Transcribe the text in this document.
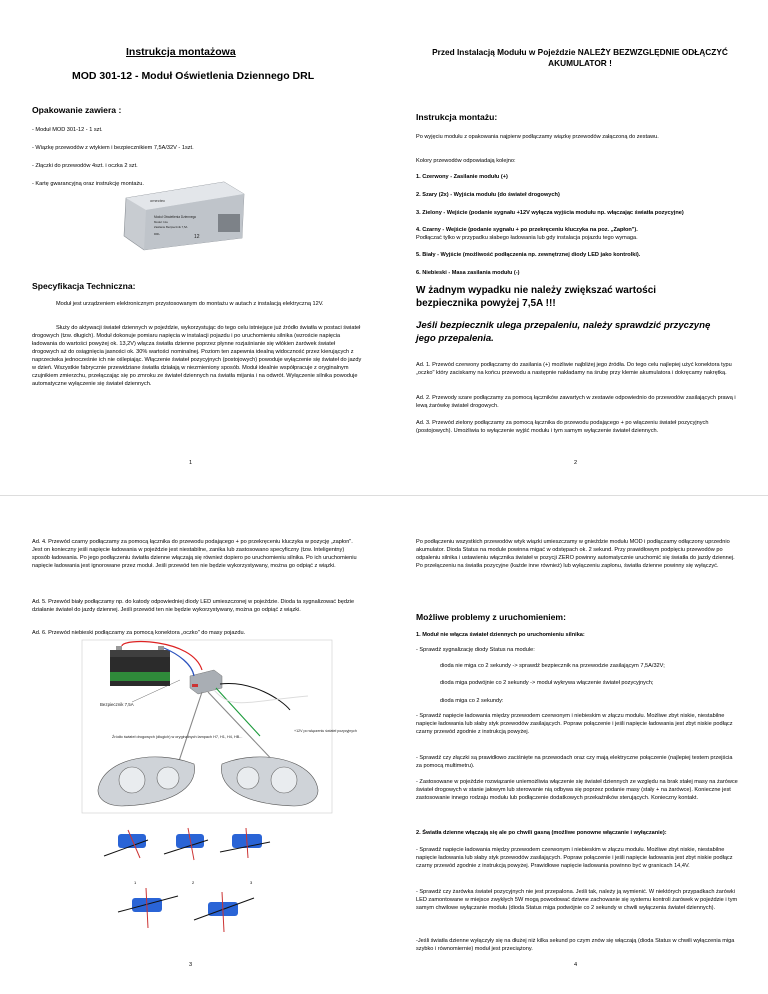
Instrukcja montażowa
MOD 301-12 - Moduł Oświetlenia Dziennego DRL
Opakowanie zawiera :

- Moduł MOD 301-12 - 1 szt.

- Wiązkę przewodów z wtykiem i bezpiecznikiem 7,5A/32V - 1szt.

- Złączki do przewodów 4szt. i oczka 2 szt.

- Kartę gwarancyjną oraz instrukcję montażu.

omectec
Moduł Oświetlenia Dziennego
Model: 11a
Zasilanie Bezpiecznik 7,5A
DRL	12
Specyfikacja Techniczna:

Moduł jest urządzeniem elektronicznym przystosowanym do montażu w autach z instalacją elektryczną 12V.

Służy do aktywacji świateł dziennych w pojeździe, wykorzystując do tego celu istniejące już źródło światła w postaci świateł drogowych (tzw. długich). Moduł dokonuje pomiaru napięcia w instalacji pojazdu i po uruchomieniu silnika (wzroście napięcia ładowania do wartości powyżej ok. 13,2V) włącza światła dzienne poprzez płynne rozjaśnianie się włókien żarówek świateł drogowych aż do osiągnięcia jasności ok. 30% wartości nominalnej. Poziom ten zapewnia idealną widoczność przez kierujących z naprzeciwka jednocześnie ich nie oślepiając. Włączenie świateł pozycyjnych (postojowych) powoduje wyłączenie się świateł do jazdy w dzień. Wszystkie fabrycznie przewidziane światła działają w niezmieniony sposób. Moduł idealnie współpracuje z oryginalnym czujnikiem zmierzchu, przełączając się po zmroku ze świateł dziennych na światła mijania i na odwrót. Wyłączenie silnika powoduje automatyczne wyłączenie się świateł dziennych.

1
Przed Instalacją Modułu w Pojeździe NALEŻY BEZWZGLĘDNIE ODŁĄCZYĆ AKUMULATOR !
Instrukcja montażu:

Po wyjęciu modułu z opakowania najpierw podłączamy wiązkę przewodów załączoną do zestawu.

Kolory przewodów odpowiadają kolejno:

1. Czerwony - Zasilanie modułu (+)

2. Szary (2x) - Wyjścia modułu (do świateł drogowych)

3. Zielony - Wejście (podanie sygnału +12V wyłącza wyjścia modułu np. włączając światła pozycyjne)

4. Czarny - Wejście (podanie sygnału + po przekręceniu kluczyka na poz. „Zapłon").

Podłączać tylko w przypadku słabego ładowania lub gdy instalacja pojazdu tego wymaga.

5. Biały - Wyjście (możliwość podłączenia np. zewnętrznej diody LED jako kontrolki).

6. Niebieski - Masa zasilania modułu (-)

W żadnym wypadku nie należy zwiększać wartości bezpiecznika powyżej 7,5A !!!
Jeśli bezpiecznik ulega przepaleniu, należy sprawdzić przyczynę jego przepalenia.

Ad. 1. Przewód czerwony podłączamy do zasilania (+) możliwie najbliżej jego źródła. Do tego celu najlepiej użyć konektora typu „oczko" który zaciskamy na końcu przewodu a następnie nakładamy na śrubę przy klemie akumulatora i dokręcamy nakrętką.

Ad. 2. Przewody szare podłączamy za pomocą łączników zawartych w zestawie odpowiednio do przewodów zasilających prawą i lewą żarówkę świateł drogowych.

Ad. 3. Przewód zielony podłączamy za pomocą łącznika do przewodu podającego + po włączeniu świateł pozycyjnych (postojowych). Umożliwia to wyłączenie wyjść modułu i tym samym wyłączenie świateł dziennych.

2

Ad. 4. Przewód czarny podłączamy za pomocą łącznika do przewodu podającego + po przekręceniu kluczyka w pozycję „zapłon". Jest on konieczny jeśli napięcie ładowania w pojeździe jest niestabilne, zanika lub zastosowano specyficzny (tzw. Inteligentny) sposób ładowania. Po jego podłączeniu światła dzienne włączają się również dopiero po uruchomieniu silnika. Po ich uruchomieniu napięcie ładowania jest ignorowane przez moduł. Jeśli przewód ten nie będzie wykorzystywany, można go odpiąć z wiązki.

Ad. 5. Przewód biały podłączamy np. do katody odpowiedniej diody LED umieszczonej w pojeździe. Dioda ta sygnalizować będzie działanie świateł do jazdy dziennej. Jeśli przewód ten nie będzie wykorzystywany, można go odpiąć z wiązki.

Ad. 6. Przewód niebieski podłączamy za pomocą konektora „oczko" do masy pojazdu.

Bezpiecznik 7,5A
Źródło świateł drogowych (długich) w oryginalnych lampach H7, H1, H4, HB...
+12V po włączeniu świateł pozycyjnych
1	2	3
3

Po podłączeniu wszystkich przewodów wtyk wiązki umieszczamy w gnieździe modułu MOD i podłączamy odłączony uprzednio akumulator. Dioda Status na module powinna migać w odstępach ok. 2 sekund. Przy prawidłowym podpięciu przewodów po odpaleniu silnika i ustawieniu włącznika świateł w pozycji ZERO powinny automatycznie uruchomić się światła do jazdy dziennej. Po przełączeniu na światła pozycyjne (każde inne również) lub wyłączeniu zapłonu, światła dzienne powinny się wyłączyć.

Możliwe problemy z uruchomieniem:

1. Moduł nie włącza świateł dziennych po uruchomieniu silnika:

- Sprawdź sygnalizację diody Status na module:

dioda nie miga co 2 sekundy -> sprawdź bezpiecznik na przewodzie zasilającym 7,5A/32V;

dioda miga podwójnie co 2 sekundy -> moduł wykrywa włączenie świateł pozycyjnych;

dioda miga co 2 sekundy:

- Sprawdź napięcie ładowania między przewodem czerwonym i niebieskim w złączu modułu. Możliwe zbyt niskie, niestabilne napięcie ładowania lub słaby styk przewodów zasilających. Popraw połączenie i jeśli napięcie ładowania jest zbyt niskie podłącz czarny przewód zgodnie z instrukcją powyżej.

- Sprawdź czy złączki są prawidłowo zaciśnięte na przewodach oraz czy mają elektryczne połączenie (najlepiej testem przejścia za pomocą multimetru).

- Zastosowane w pojeździe rozwiązanie uniemożliwia włączenie się świateł dziennych ze względu na brak stałej masy na żarówce świateł drogowych w stanie jałowym lub sterowanie nią odbywa się poprzez podanie masy (stały + na żarówce). Konieczne jest zastosowanie innego rodzaju modułu lub podłączenie dodatkowych przekaźników sterujących. Konieczny kontakt.

2. Światła dzienne włączają się ale po chwili gasną (możliwe ponowne włączanie i wyłączanie):

- Sprawdź napięcie ładowania między przewodem czerwonym i niebieskim w złączu modułu. Możliwe zbyt niskie, niestabilne napięcie ładowania lub słaby styk przewodów zasilających. Popraw połączenie i jeśli napięcie ładowania jest zbyt niskie podłącz czarny przewód zgodnie z instrukcją powyżej. Prawidłowe napięcie ładowania powinno być w granicach 14,4V.

- Sprawdź czy żarówka świateł pozycyjnych nie jest przepalona. Jeśli tak, należy ją wymienić. W niektórych przypadkach żarówki LED zamontowane w miejsce zwykłych 5W mogą powodować dziwne zachowanie się systemu kontroli żarówek w pojeździe i tym samym chwilowe wyłączanie modułu (dioda Status miga podwójnie co 2 sekundy w chwili wyłączenia świateł dziennych).

-Jeśli światła dzienne wyłączyły się na dłużej niż kilka sekund po czym znów się włączają (dioda Status w chwili wyłączenia miga szybko i równomiernie) moduł jest przeciążony.

4
